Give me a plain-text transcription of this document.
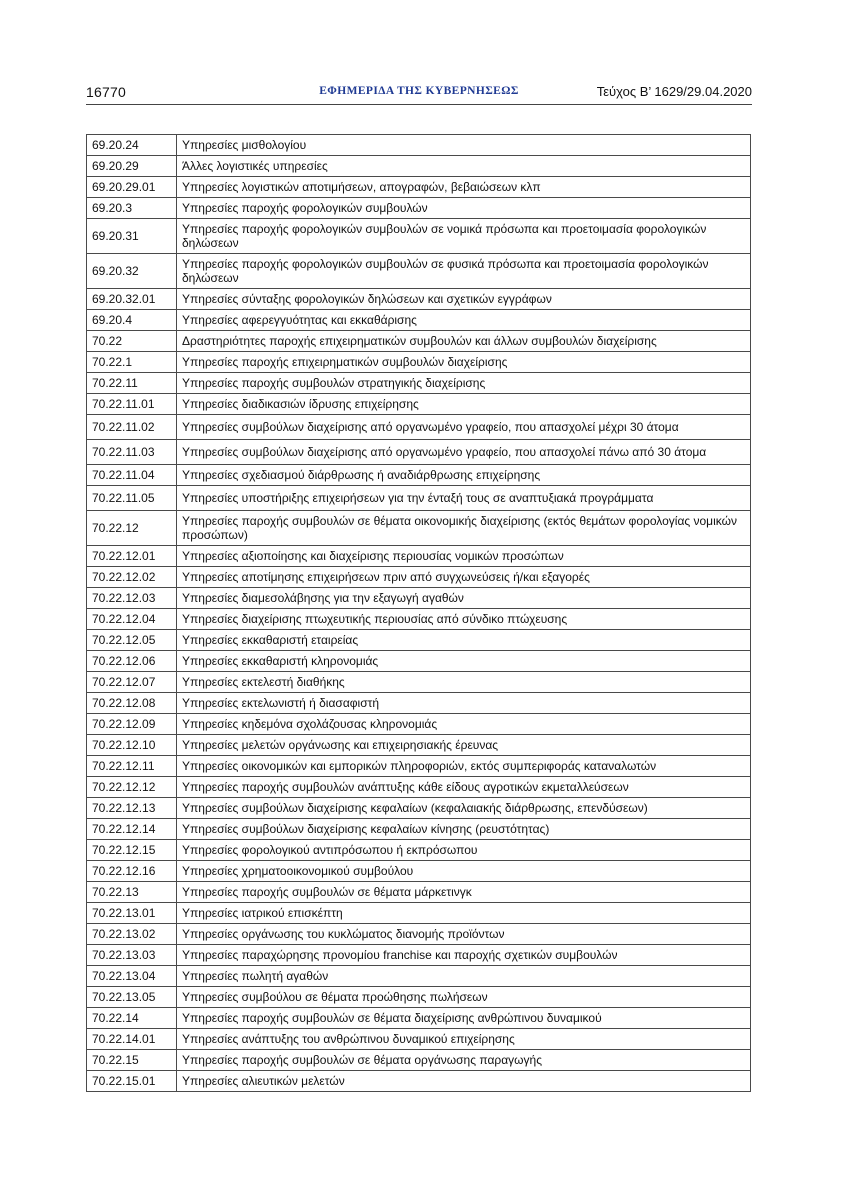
16770	ΕΦΗΜΕΡΙΔΑ ΤΗΣ ΚΥΒΕΡΝΗΣΕΩΣ	Τεύχος Β’ 1629/29.04.2020
69.20.24	Υπηρεσίες μισθολογίου
69.20.29	Άλλες λογιστικές υπηρεσίες
69.20.29.01	Υπηρεσίες λογιστικών αποτιμήσεων, απογραφών, βεβαιώσεων κλπ
69.20.3	Υπηρεσίες παροχής φορολογικών συμβουλών
69.20.31	Υπηρεσίες παροχής φορολογικών συμβουλών σε νομικά πρόσωπα και προετοιμασία φορολογικών δηλώσεων
69.20.32	Υπηρεσίες παροχής φορολογικών συμβουλών σε φυσικά πρόσωπα και προετοιμασία φορολογικών δηλώσεων
69.20.32.01	Υπηρεσίες σύνταξης φορολογικών δηλώσεων και σχετικών εγγράφων
69.20.4	Υπηρεσίες αφερεγγυότητας και εκκαθάρισης
70.22	Δραστηριότητες παροχής επιχειρηματικών συμβουλών και άλλων συμβουλών διαχείρισης
70.22.1	Υπηρεσίες παροχής επιχειρηματικών συμβουλών διαχείρισης
70.22.11	Υπηρεσίες παροχής συμβουλών στρατηγικής διαχείρισης
70.22.11.01	Υπηρεσίες διαδικασιών ίδρυσης επιχείρησης
70.22.11.02	Υπηρεσίες συμβούλων διαχείρισης από οργανωμένο γραφείο, που απασχολεί μέχρι 30 άτομα
70.22.11.03	Υπηρεσίες συμβούλων διαχείρισης από οργανωμένο γραφείο, που απασχολεί πάνω από 30 άτομα
70.22.11.04	Υπηρεσίες σχεδιασμού διάρθρωσης ή αναδιάρθρωσης επιχείρησης
70.22.11.05	Υπηρεσίες υποστήριξης επιχειρήσεων για την ένταξή τους σε αναπτυξιακά προγράμματα
70.22.12	Υπηρεσίες παροχής συμβουλών σε θέματα οικονομικής διαχείρισης (εκτός θεμάτων φορολογίας νομικών προσώπων)
70.22.12.01	Υπηρεσίες αξιοποίησης και διαχείρισης περιουσίας νομικών προσώπων
70.22.12.02	Υπηρεσίες αποτίμησης επιχειρήσεων πριν από συγχωνεύσεις ή/και εξαγορές
70.22.12.03	Υπηρεσίες διαμεσολάβησης για την εξαγωγή αγαθών
70.22.12.04	Υπηρεσίες διαχείρισης πτωχευτικής περιουσίας από σύνδικο πτώχευσης
70.22.12.05	Υπηρεσίες εκκαθαριστή εταιρείας
70.22.12.06	Υπηρεσίες εκκαθαριστή κληρονομιάς
70.22.12.07	Υπηρεσίες εκτελεστή διαθήκης
70.22.12.08	Υπηρεσίες εκτελωνιστή ή διασαφιστή
70.22.12.09	Υπηρεσίες κηδεμόνα σχολάζουσας κληρονομιάς
70.22.12.10	Υπηρεσίες μελετών οργάνωσης και επιχειρησιακής έρευνας
70.22.12.11	Υπηρεσίες οικονομικών και εμπορικών πληροφοριών, εκτός συμπεριφοράς καταναλωτών
70.22.12.12	Υπηρεσίες παροχής συμβουλών ανάπτυξης κάθε είδους αγροτικών εκμεταλλεύσεων
70.22.12.13	Υπηρεσίες συμβούλων διαχείρισης κεφαλαίων (κεφαλαιακής διάρθρωσης, επενδύσεων)
70.22.12.14	Υπηρεσίες συμβούλων διαχείρισης κεφαλαίων κίνησης (ρευστότητας)
70.22.12.15	Υπηρεσίες φορολογικού αντιπρόσωπου ή εκπρόσωπου
70.22.12.16	Υπηρεσίες χρηματοοικονομικού συμβούλου
70.22.13	Υπηρεσίες παροχής συμβουλών σε θέματα μάρκετινγκ
70.22.13.01	Υπηρεσίες ιατρικού επισκέπτη
70.22.13.02	Υπηρεσίες οργάνωσης του κυκλώματος διανομής προϊόντων
70.22.13.03	Υπηρεσίες παραχώρησης προνομίου franchise και παροχής σχετικών συμβουλών
70.22.13.04	Υπηρεσίες πωλητή αγαθών
70.22.13.05	Υπηρεσίες συμβούλου σε θέματα προώθησης πωλήσεων
70.22.14	Υπηρεσίες παροχής συμβουλών σε θέματα διαχείρισης ανθρώπινου δυναμικού
70.22.14.01	Υπηρεσίες ανάπτυξης του ανθρώπινου δυναμικού επιχείρησης
70.22.15	Υπηρεσίες παροχής συμβουλών σε θέματα οργάνωσης παραγωγής
70.22.15.01	Υπηρεσίες αλιευτικών μελετών
